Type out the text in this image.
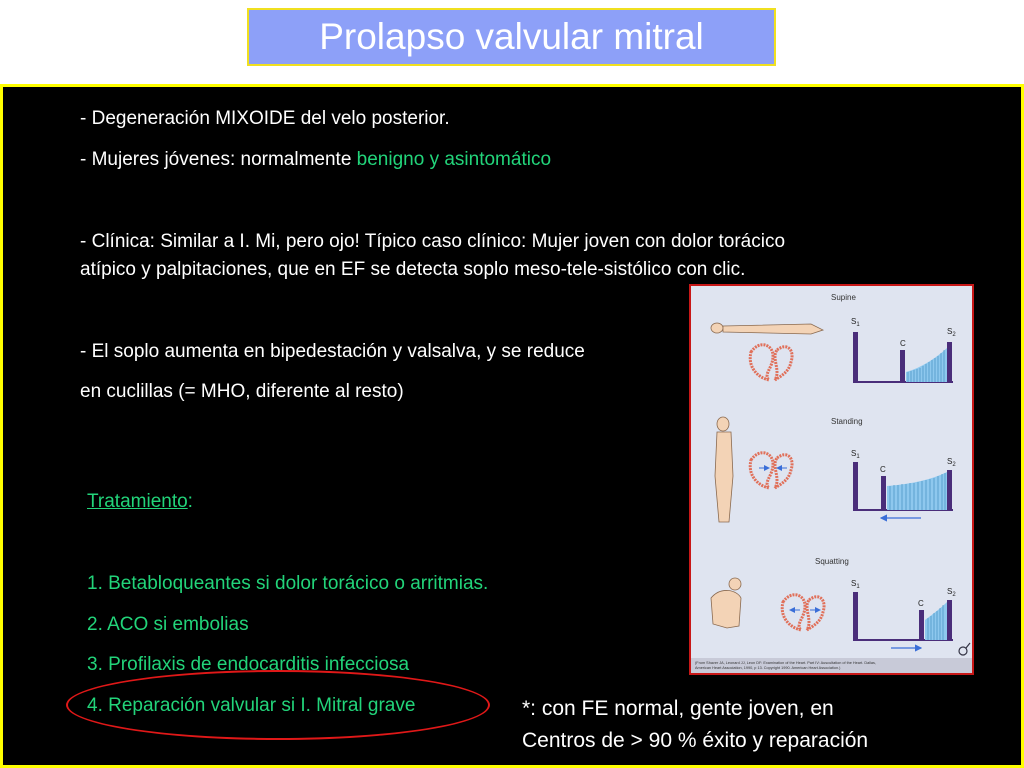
Prolapso valvular mitral
- Degeneración MIXOIDE del velo posterior.
- Mujeres jóvenes: normalmente benigno y asintomático
- Clínica: Similar a I. Mi, pero ojo! Típico caso clínico: Mujer joven con dolor torácico
atípico y palpitaciones, que en EF se detecta soplo meso-tele-sistólico con clic.
- El soplo aumenta en bipedestación y valsalva, y se reduce
en cuclillas (= MHO, diferente al resto)
Tratamiento:
1. Betabloqueantes si dolor torácico o arritmias.
2. ACO si embolias
3. Profilaxis de endocarditis infecciosa
4. Reparación valvular si I. Mitral grave
Supine
$S_1$
C
$S_2$
Standing
$S_1$
C
$S_2$
Squatting
$S_1$
C
$S_2$
(From Shaver JA, Leonard JJ, Leon DF: Examination of the Heart. Part IV: Auscultation of the Heart. Dallas,
American Heart Association, 1990, p 13. Copyright 1990. American Heart Association.)
*: con FE normal, gente joven, en
Centros de > 90 % éxito y reparación
